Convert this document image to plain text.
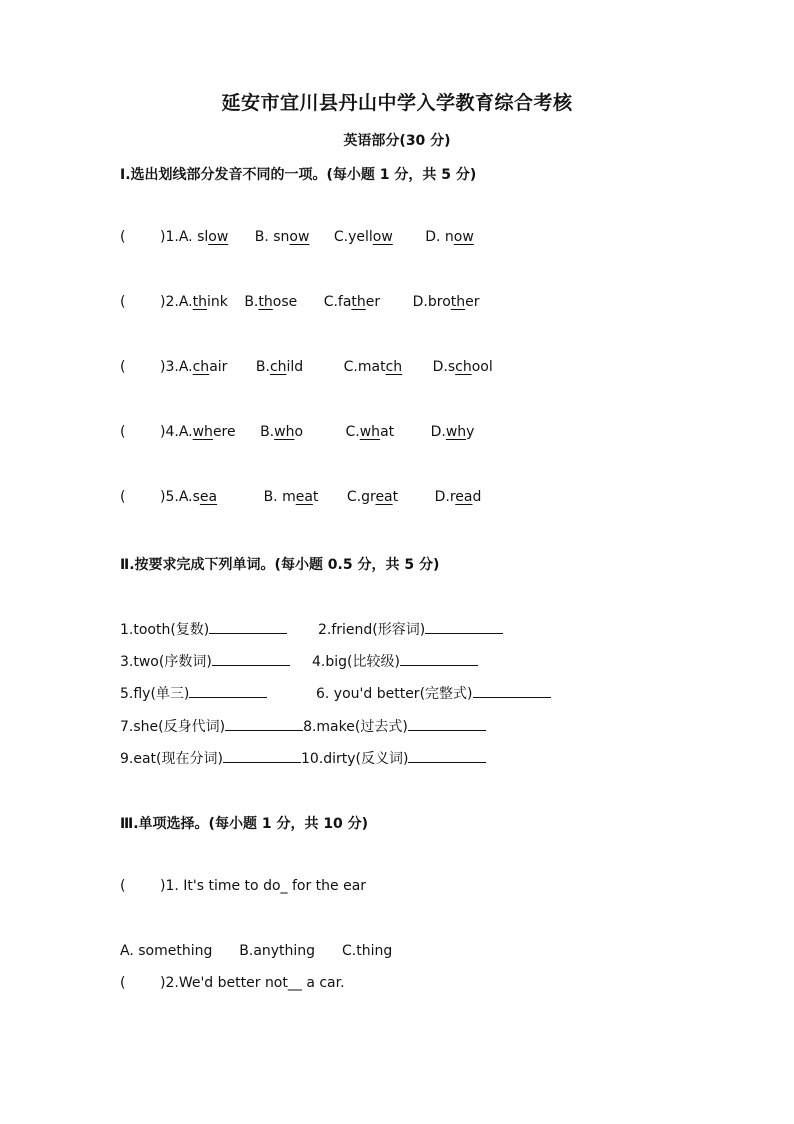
延安市宜川县丹山中学入学教育综合考核
英语部分(30 分)
Ⅰ.选出划线部分发音不同的一项。(每小题 1 分，共 5 分)
( )1.A. slow B. snow C.yellow D. now
( )2.A.think B.those C.father D.brother
( )3.A.chair B.child	C.match D.school
( )4.A.where B.who	C.what	D.why
( )5.A.sea	B. meat C.great	D.read
Ⅱ.按要求完成下列单词。(每小题 0.5 分，共 5 分)
1.tooth(复数)	2.friend(形容词)
3.two(序数词)	4.big(比较级)
5.fly(单三)	6. you'd better(完整式)
7.she(反身代词)	8.make(过去式)
9.eat(现在分词)	10.dirty(反义词)
Ⅲ.单项选择。(每小题 1 分，共 10 分)
( )1. It's time to do_ for the ear
A. something B.anything C.thing
( )2.We'd better not__ a car.
